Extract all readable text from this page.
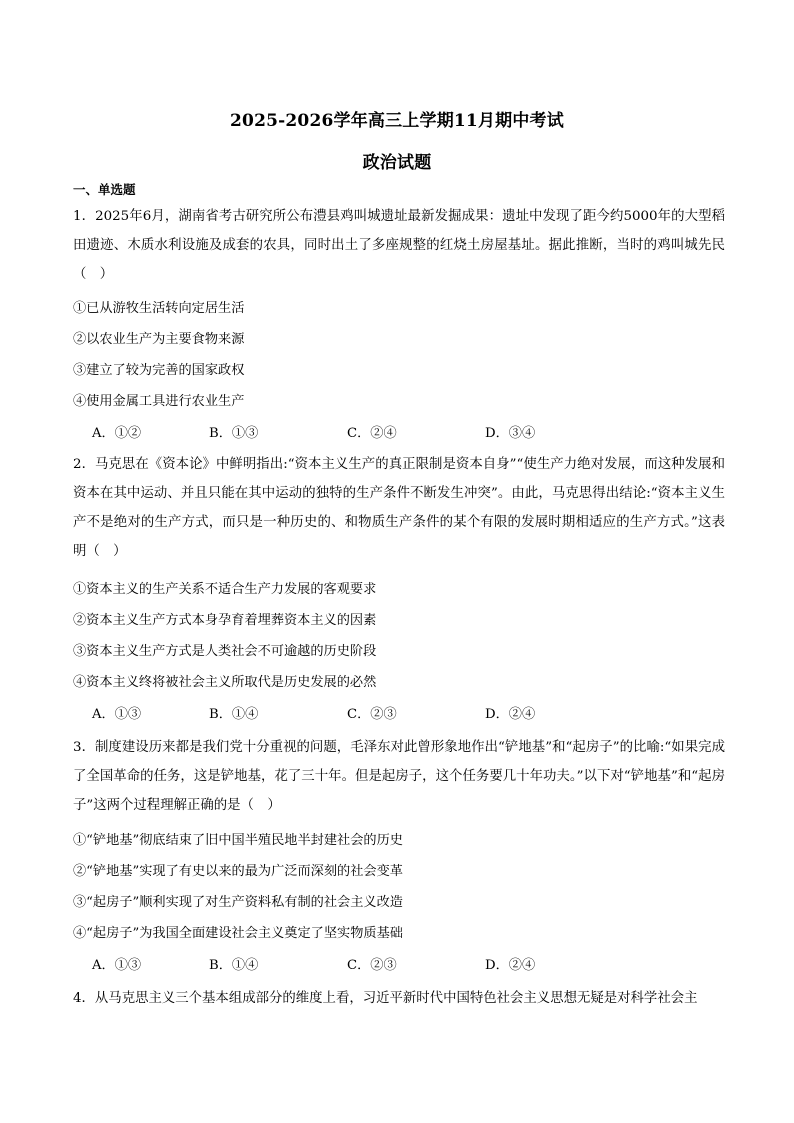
2025-2026学年高三上学期11月期中考试
政治试题
一、单选题
1．2025年6月，湖南省考古研究所公布澧县鸡叫城遗址最新发掘成果：遗址中发现了距今约5000年的大型稻田遗迹、木质水利设施及成套的农具，同时出土了多座规整的红烧土房屋基址。据此推断，当时的鸡叫城先民（　）
①已从游牧生活转向定居生活
②以农业生产为主要食物来源
③建立了较为完善的国家政权
④使用金属工具进行农业生产
A．①②	B．①③	C．②④	D．③④
2．马克思在《资本论》中鲜明指出:“资本主义生产的真正限制是资本自身”“使生产力绝对发展，而这种发展和资本在其中运动、并且只能在其中运动的独特的生产条件不断发生冲突”。由此，马克思得出结论:“资本主义生产不是绝对的生产方式，而只是一种历史的、和物质生产条件的某个有限的发展时期相适应的生产方式。”这表明（　）
①资本主义的生产关系不适合生产力发展的客观要求
②资本主义生产方式本身孕育着埋葬资本主义的因素
③资本主义生产方式是人类社会不可逾越的历史阶段
④资本主义终将被社会主义所取代是历史发展的必然
A．①③	B．①④	C．②③	D．②④
3．制度建设历来都是我们党十分重视的问题，毛泽东对此曾形象地作出“铲地基”和“起房子”的比喻:“如果完成了全国革命的任务，这是铲地基，花了三十年。但是起房子，这个任务要几十年功夫。”以下对“铲地基”和“起房子”这两个过程理解正确的是（　）
①“铲地基”彻底结束了旧中国半殖民地半封建社会的历史
②“铲地基”实现了有史以来的最为广泛而深刻的社会变革
③“起房子”顺利实现了对生产资料私有制的社会主义改造
④“起房子”为我国全面建设社会主义奠定了坚实物质基础
A．①③	B．①④	C．②③	D．②④
4．从马克思主义三个基本组成部分的维度上看，习近平新时代中国特色社会主义思想无疑是对科学社会主
